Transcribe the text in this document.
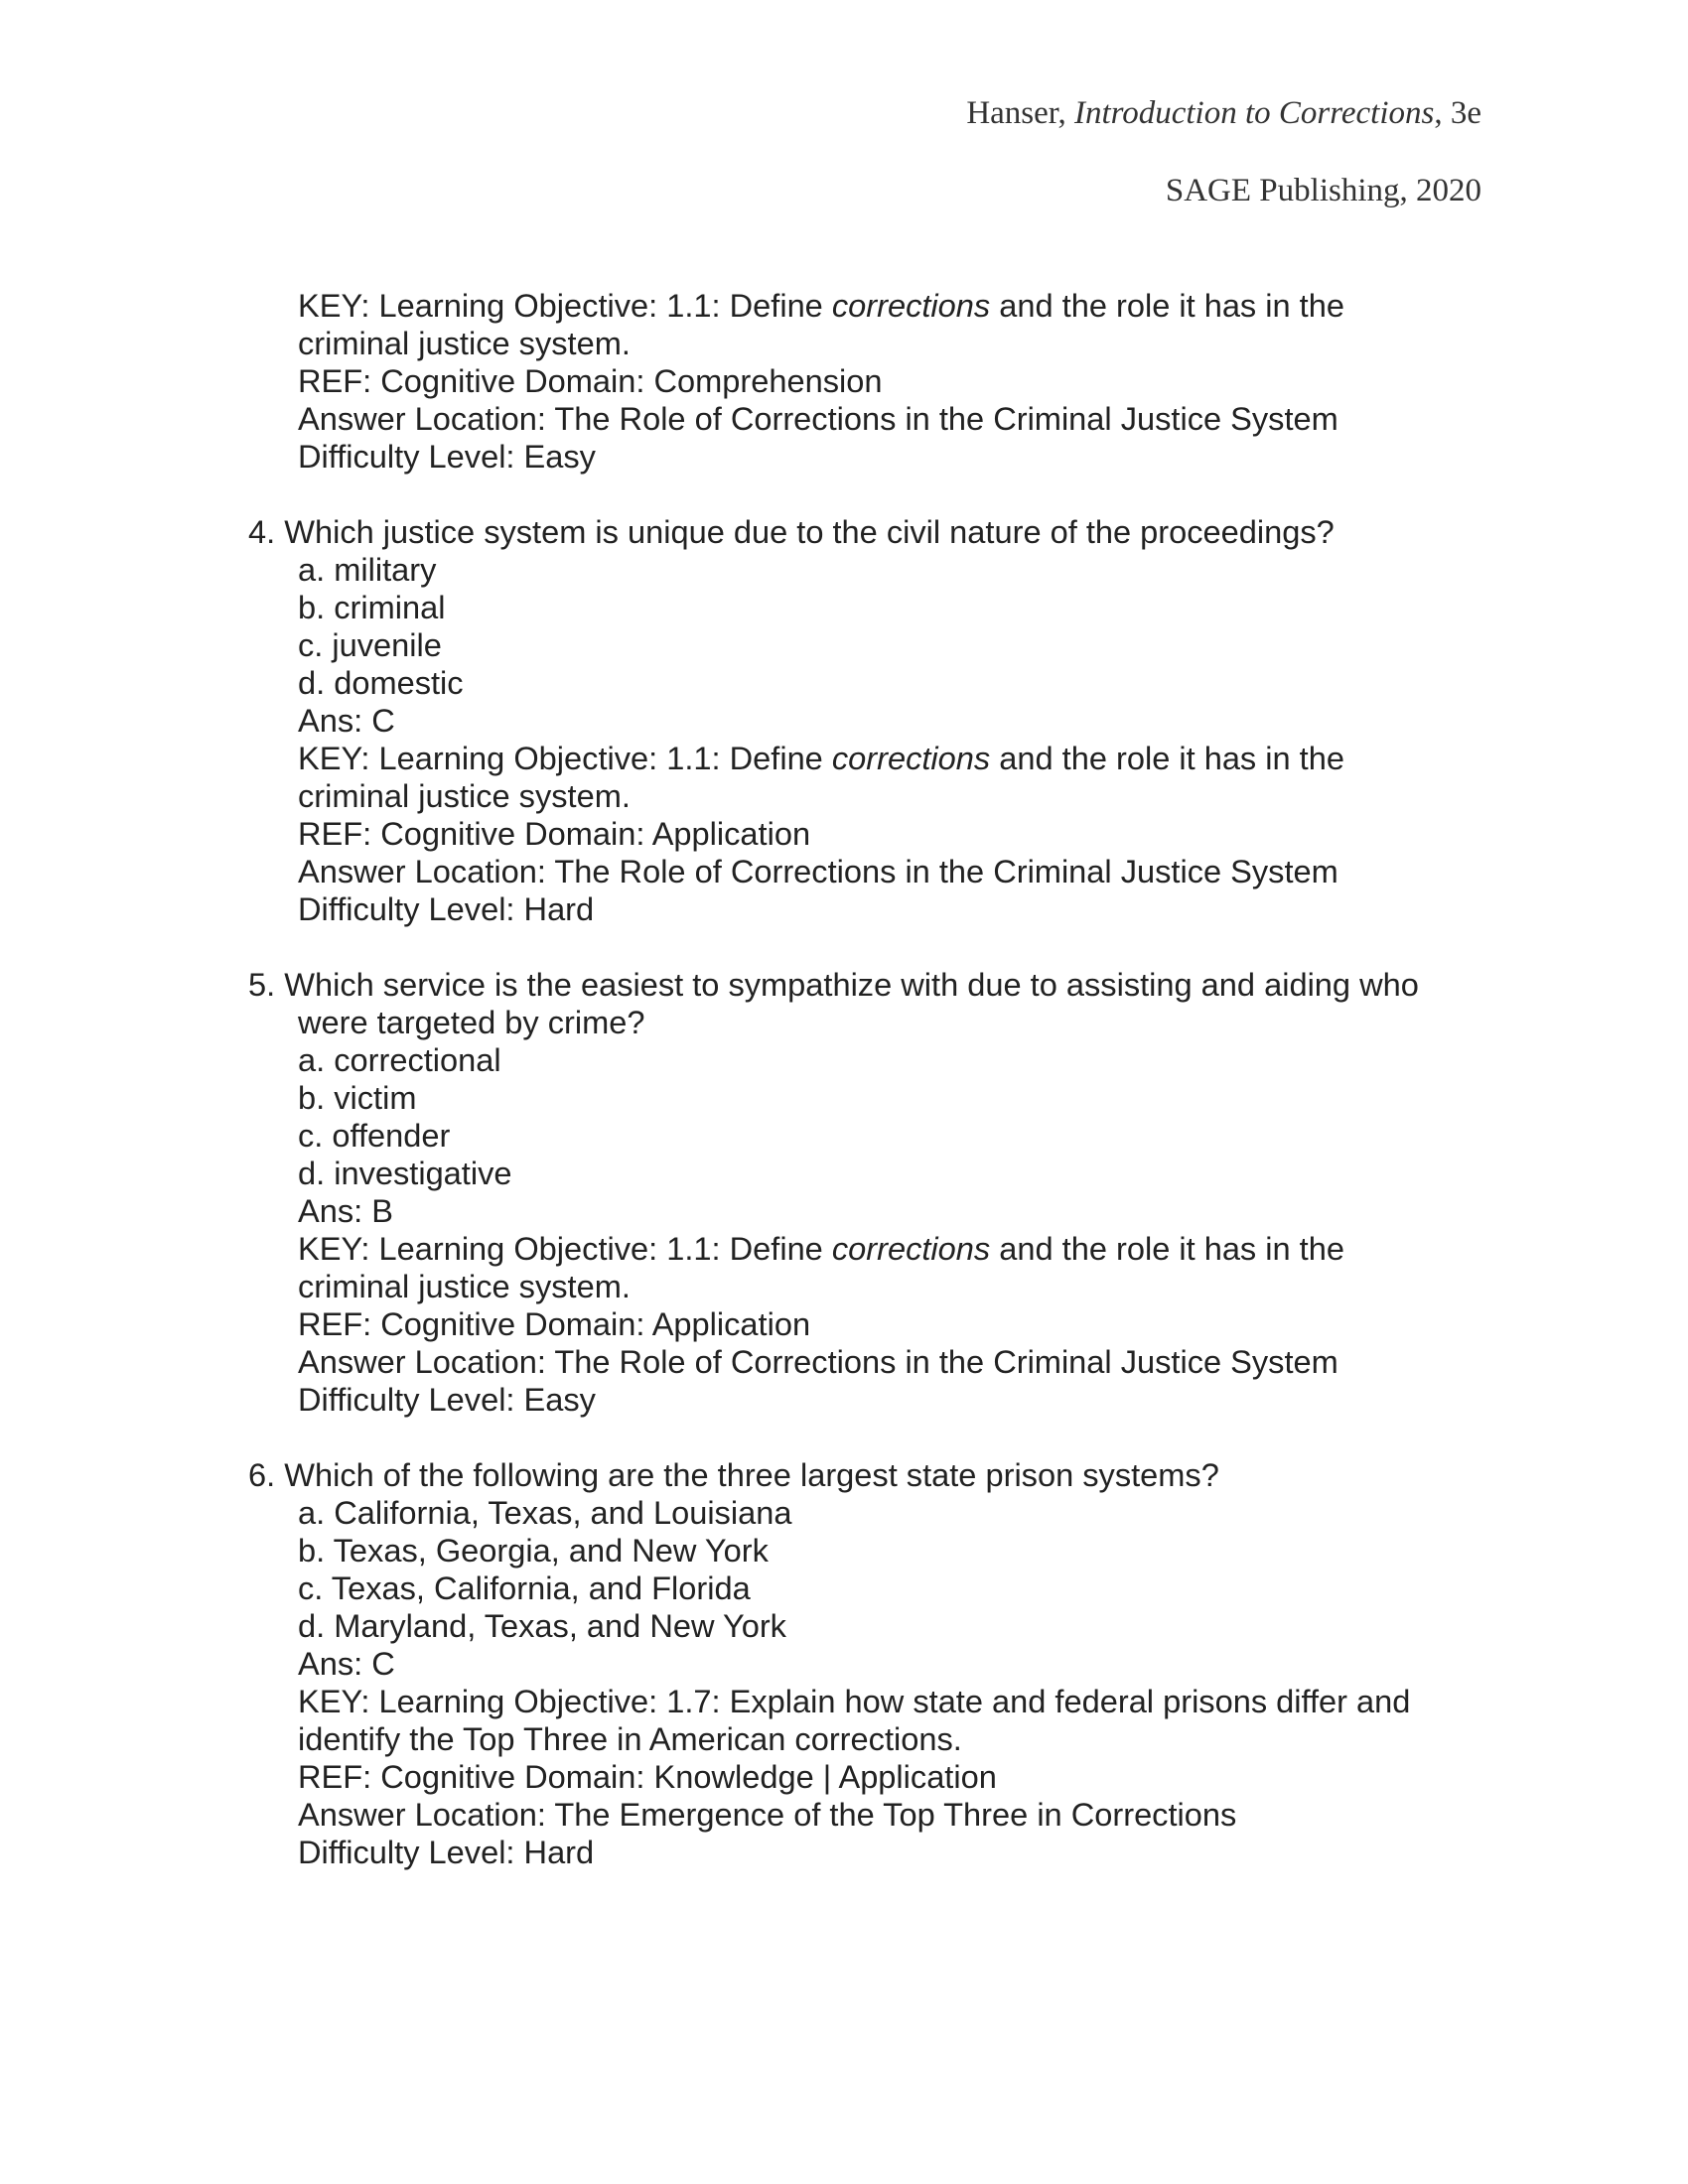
Hanser, Introduction to Corrections, 3e
SAGE Publishing, 2020
KEY: Learning Objective: 1.1: Define corrections and the role it has in the
criminal justice system.
REF: Cognitive Domain: Comprehension
Answer Location: The Role of Corrections in the Criminal Justice System
Difficulty Level: Easy
4. Which justice system is unique due to the civil nature of the proceedings?
a. military
b. criminal
c. juvenile
d. domestic
Ans: C
KEY: Learning Objective: 1.1: Define corrections and the role it has in the
criminal justice system.
REF: Cognitive Domain: Application
Answer Location: The Role of Corrections in the Criminal Justice System
Difficulty Level: Hard
5. Which service is the easiest to sympathize with due to assisting and aiding who
were targeted by crime?
a. correctional
b. victim
c. offender
d. investigative
Ans: B
KEY: Learning Objective: 1.1: Define corrections and the role it has in the
criminal justice system.
REF: Cognitive Domain: Application
Answer Location: The Role of Corrections in the Criminal Justice System
Difficulty Level: Easy
6. Which of the following are the three largest state prison systems?
a. California, Texas, and Louisiana
b. Texas, Georgia, and New York
c. Texas, California, and Florida
d. Maryland, Texas, and New York
Ans: C
KEY: Learning Objective: 1.7: Explain how state and federal prisons differ and
identify the Top Three in American corrections.
REF: Cognitive Domain: Knowledge | Application
Answer Location: The Emergence of the Top Three in Corrections
Difficulty Level: Hard
